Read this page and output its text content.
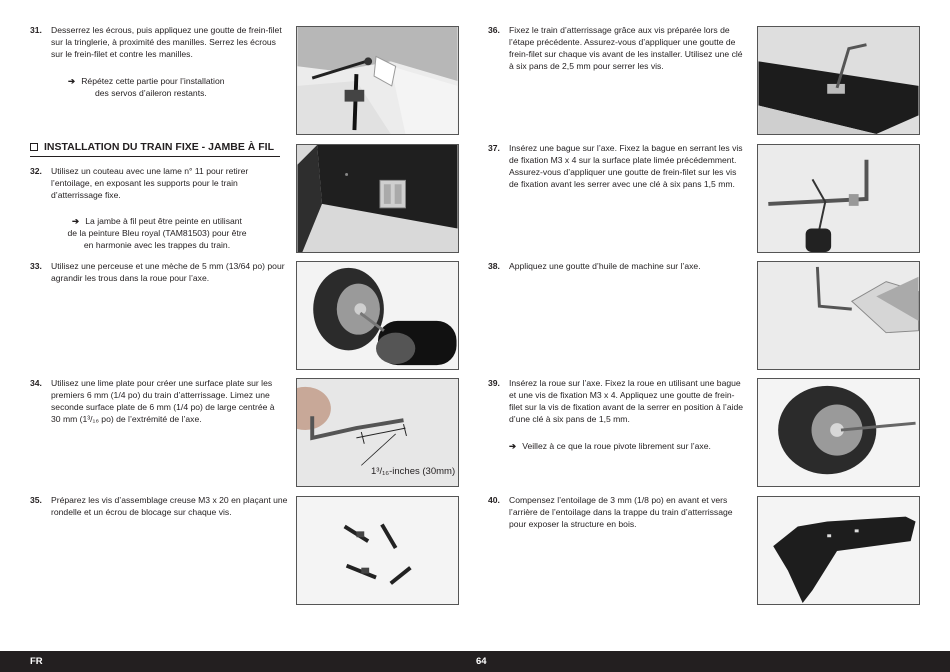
31. Desserrez les écrous, puis appliquez une goutte de frein-filet
sur la tringlerie, à proximité des manilles. Serrez les écrous
sur le frein-filet et contre les manilles.
➔ Répétez cette partie pour l’installation
des servos d’aileron restants.
INSTALLATION DU TRAIN FIXE - JAMBE À FIL
32. Utilisez un couteau avec une lame n° 11 pour retirer
l’entoilage, en exposant les supports pour le train
d’atterrissage fixe.
➔ La jambe à fil peut être peinte en utilisant
de la peinture Bleu royal (TAM81503) pour être
en harmonie avec les trappes du train.
33. Utilisez une perceuse et une mèche de 5 mm (13/64 po) pour
agrandir les trous dans la roue pour l’axe.
34. Utilisez une lime plate pour créer une surface plate sur les
premiers 6 mm (1/4 po) du train d’atterrissage. Limez une
seconde surface plate de 6 mm (1/4 po) de large centrée à
30 mm (1³/₁₆ po) de l’extrémité de l’axe.
35. Préparez les vis d’assemblage creuse M3 x 20 en plaçant une
rondelle et un écrou de blocage sur chaque vis.
1³/₁₆-inches (30mm)
36. Fixez le train d’atterrissage grâce aux vis préparée lors de
l’étape précédente. Assurez-vous d’appliquer une goutte de
frein-filet sur chaque vis avant de les installer. Utilisez une clé
à six pans de 2,5 mm pour serrer les vis.
37. Insérez une bague sur l’axe. Fixez la bague en serrant les vis
de fixation M3 x 4 sur la surface plate limée précédemment.
Assurez-vous d’appliquer une goutte de frein-filet sur les vis
de fixation avant les serrer avec une clé à six pans 1,5 mm.
38. Appliquez une goutte d’huile de machine sur l’axe.
39. Insérez la roue sur l’axe. Fixez la roue en utilisant une bague
et une vis de fixation M3 x 4. Appliquez une goutte de frein-
filet sur la vis de fixation avant de la serrer en position à l’aide
d’une clé à six pans de 1,5 mm.
➔ Veillez à ce que la roue pivote librement sur l’axe.
40. Compensez l’entoilage de 3 mm (1/8 po) en avant et vers
l’arrière de l’entoilage dans la trappe du train d’atterrissage
pour exposer la structure en bois.
FR	64
